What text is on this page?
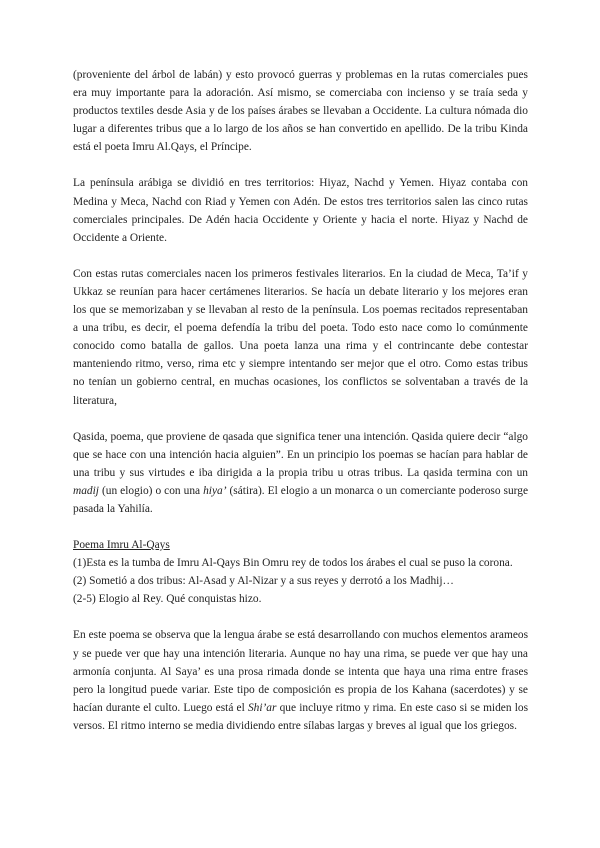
(proveniente del árbol de labán) y esto provocó guerras y problemas en la rutas comerciales pues era muy importante para la adoración. Así mismo, se comerciaba con incienso y se traía seda y productos textiles desde Asia y de los países árabes se llevaban a Occidente. La cultura nómada dio lugar a diferentes tribus que a lo largo de los años se han convertido en apellido. De la tribu Kinda está el poeta Imru Al.Qays, el Príncipe.

La península arábiga se dividió en tres territorios: Hiyaz, Nachd y Yemen. Hiyaz contaba con Medina y Meca, Nachd con Riad y Yemen con Adén. De estos tres territorios salen las cinco rutas comerciales principales. De Adén hacia Occidente y Oriente y hacia el norte. Hiyaz y Nachd de Occidente a Oriente.

Con estas rutas comerciales nacen los primeros festivales literarios. En la ciudad de Meca, Ta’if y Ukkaz se reunían para hacer certámenes literarios. Se hacía un debate literario y los mejores eran los que se memorizaban y se llevaban al resto de la península. Los poemas recitados representaban a una tribu, es decir, el poema defendía la tribu del poeta. Todo esto nace como lo comúnmente conocido como batalla de gallos. Una poeta lanza una rima y el contrincante debe contestar manteniendo ritmo, verso, rima etc y siempre intentando ser mejor que el otro. Como estas tribus no tenían un gobierno central, en muchas ocasiones, los conflictos se solventaban a través de la literatura,

Qasida, poema, que proviene de qasada que significa tener una intención. Qasida quiere decir “algo que se hace con una intención hacia alguien”. En un principio los poemas se hacían para hablar de una tribu y sus virtudes e iba dirigida a la propia tribu u otras tribus. La qasida termina con un madij (un elogio) o con una hiya’ (sátira). El elogio a un monarca o un comerciante poderoso surge pasada la Yahilía.

Poema Imru Al-Qays

(1)Esta es la tumba de Imru Al-Qays Bin Omru rey de todos los árabes el cual se puso la corona.

(2) Sometió a dos tribus: Al-Asad y Al-Nizar y a sus reyes y derrotó a los Madhij…

(2-5) Elogio al Rey. Qué conquistas hizo.

En este poema se observa que la lengua árabe se está desarrollando con muchos elementos arameos y se puede ver que hay una intención literaria. Aunque no hay una rima, se puede ver que hay una armonía conjunta. Al Saya’ es una prosa rimada donde se intenta que haya una rima entre frases pero la longitud puede variar. Este tipo de composición es propia de los Kahana (sacerdotes) y se hacían durante el culto. Luego está el Shi’ar que incluye ritmo y rima. En este caso si se miden los versos. El ritmo interno se media dividiendo entre sílabas largas y breves al igual que los griegos.
